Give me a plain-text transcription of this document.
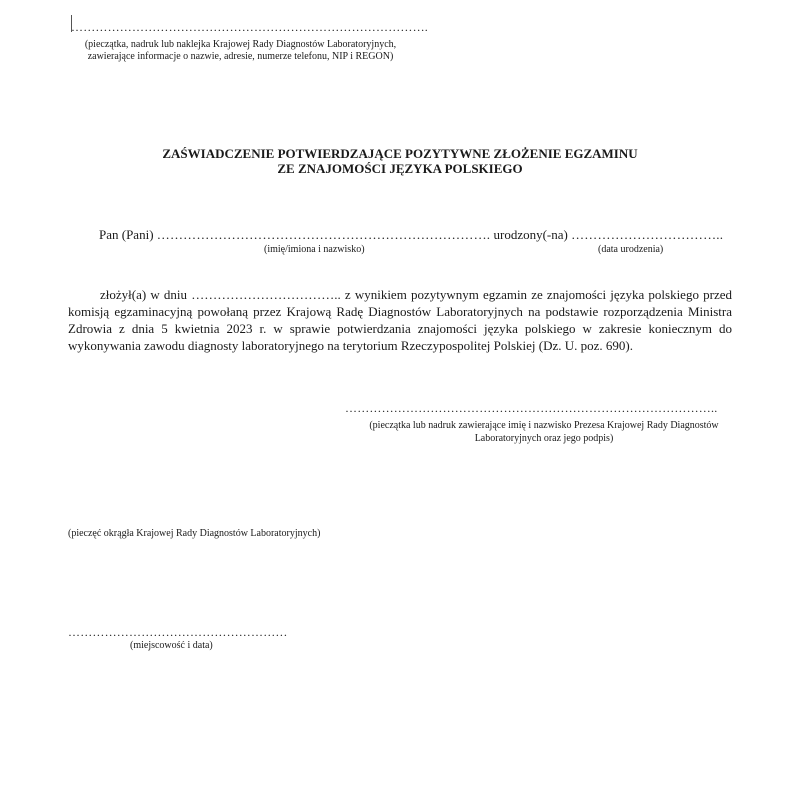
…………………………………………………………………………….
(pieczątka, nadruk lub naklejka Krajowej Rady Diagnostów Laboratoryjnych, zawierające informacje o nazwie, adresie, numerze telefonu, NIP i REGON)
ZAŚWIADCZENIE POTWIERDZAJĄCE POZYTYWNE ZŁOŻENIE EGZAMINU
ZE ZNAJOMOŚCI JĘZYKA POLSKIEGO
Pan (Pani) …………………………………………………………………. urodzony(-na) ……………………………..
(imię/imiona i nazwisko)	(data urodzenia)
złożył(a) w dniu …………………………….. z wynikiem pozytywnym egzamin ze znajomości języka polskiego przed komisją egzaminacyjną powołaną przez Krajową Radę Diagnostów Laboratoryjnych na podstawie rozporządzenia Ministra Zdrowia z dnia 5 kwietnia 2023 r. w sprawie potwierdzania znajomości języka polskiego w zakresie koniecznym do wykonywania zawodu diagnosty laboratoryjnego na terytorium Rzeczypospolitej Polskiej (Dz. U. poz. 690).
………………………………………………………………………………..
(pieczątka lub nadruk zawierające imię i nazwisko Prezesa Krajowej Rady Diagnostów Laboratoryjnych oraz jego podpis)
(pieczęć okrągła Krajowej Rady Diagnostów Laboratoryjnych)
………………………………………………
(miejscowość i data)
